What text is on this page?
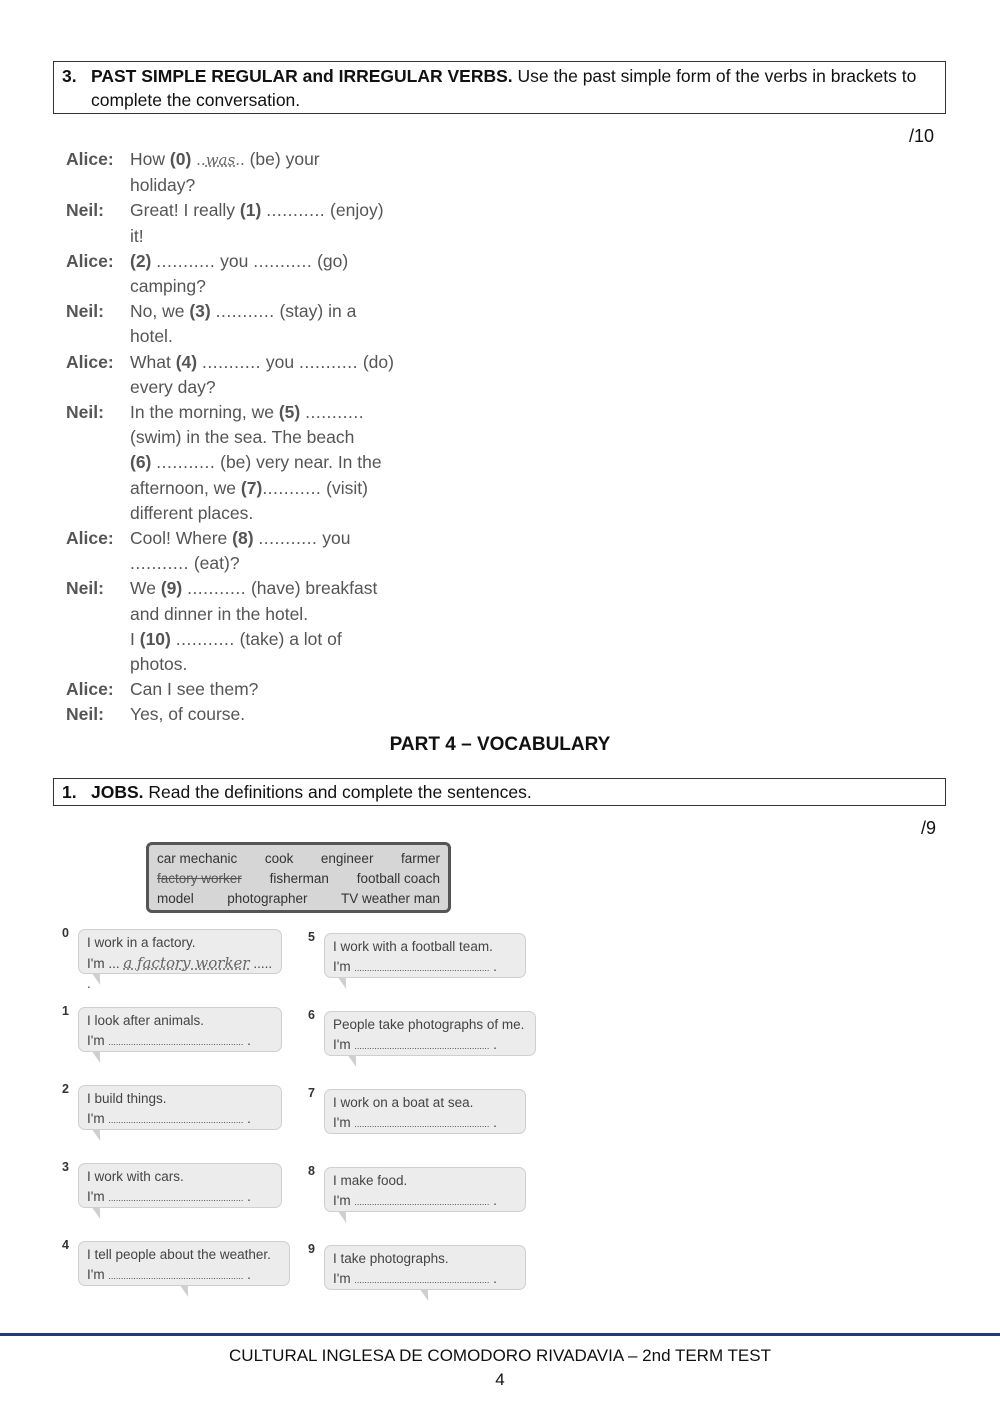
3. PAST SIMPLE REGULAR and IRREGULAR VERBS. Use the past simple form of the verbs in brackets to complete the conversation.
/10
Alice: How (0) ..was.. (be) your
holiday?
Neil:	Great! I really (1) ........... (enjoy)
it!
Alice: (2) ........... you ........... (go)
camping?
Neil:	No, we (3) ........... (stay) in a
hotel.
Alice: What (4) ........... you ........... (do)
every day?
Neil:	In the morning, we (5) ...........
(swim) in the sea. The beach
(6) ........... (be) very near. In the
afternoon, we (7)........... (visit)
different places.
Alice: Cool! Where (8) ........... you
........... (eat)?
Neil:	We (9) ........... (have) breakfast
and dinner in the hotel.
I (10) ........... (take) a lot of
photos.
Alice: Can I see them?
Neil:	Yes, of course.
PART 4 – VOCABULARY
1. JOBS. Read the definitions and complete the sentences.
/9
car mechanic cook engineer farmer
factory worker fisherman football coach
model photographer TV weather man
0
I work in a factory.
I'm ... a factory worker ..... .
1
I look after animals.
I'm ...................................................... .
2
I build things.
I'm ...................................................... .
3
I work with cars.
I'm ...................................................... .
4
I tell people about the weather.
I'm ...................................................... .
5
I work with a football team.
I'm ...................................................... .
6
People take photographs of me.
I'm ...................................................... .
7
I work on a boat at sea.
I'm ...................................................... .
8
I make food.
I'm ...................................................... .
9
I take photographs.
I'm ...................................................... .
CULTURAL INGLESA DE COMODORO RIVADAVIA – 2nd TERM TEST
4
